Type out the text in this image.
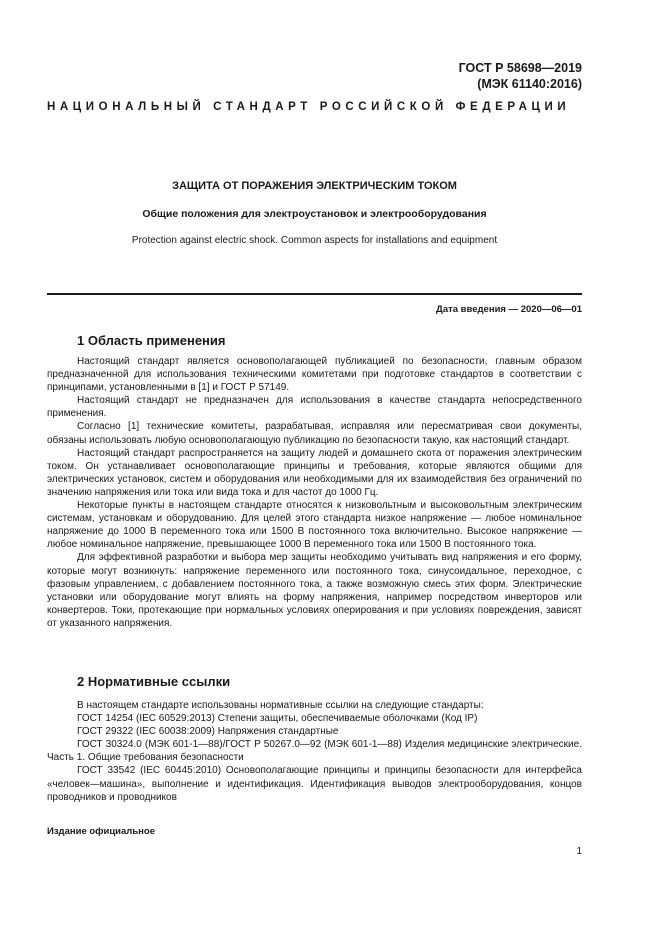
ГОСТ Р 58698—2019
(МЭК 61140:2016)
НАЦИОНАЛЬНЫЙ СТАНДАРТ РОССИЙСКОЙ ФЕДЕРАЦИИ
ЗАЩИТА ОТ ПОРАЖЕНИЯ ЭЛЕКТРИЧЕСКИМ ТОКОМ
Общие положения для электроустановок и электрооборудования
Protection against electric shock. Common aspects for installations and equipment
Дата введения — 2020—06—01
1 Область применения

Настоящий стандарт является основополагающей публикацией по безопасности, главным образом предназначенной для использования техническими комитетами при подготовке стандартов в соответствии с принципами, установленными в [1] и ГОСТ Р 57149.

Настоящий стандарт не предназначен для использования в качестве стандарта непосредственного применения.

Согласно [1] технические комитеты, разрабатывая, исправляя или пересматривая свои документы, обязаны использовать любую основополагающую публикацию по безопасности такую, как настоящий стандарт.

Настоящий стандарт распространяется на защиту людей и домашнего скота от поражения электрическим током. Он устанавливает основополагающие принципы и требования, которые являются общими для электрических установок, систем и оборудования или необходимыми для их взаимодействия без ограничений по значению напряжения или тока или вида тока и для частот до 1000 Гц.

Некоторые пункты в настоящем стандарте относятся к низковольтным и высоковольтным электрическим системам, установкам и оборудованию. Для целей этого стандарта низкое напряжение — любое номинальное напряжение до 1000 В переменного тока или 1500 В постоянного тока включительно. Высокое напряжение — любое номинальное напряжение, превышающее 1000 В переменного тока или 1500 В постоянного тока.

Для эффективной разработки и выбора мер защиты необходимо учитывать вид напряжения и его форму, которые могут возникнуть: напряжение переменного или постоянного тока, синусоидальное, переходное, с фазовым управлением, с добавлением постоянного тока, а также возможную смесь этих форм. Электрические установки или оборудование могут влиять на форму напряжения, например посредством инверторов или конвертеров. Токи, протекающие при нормальных условиях оперирования и при условиях повреждения, зависят от указанного напряжения.

2 Нормативные ссылки

В настоящем стандарте использованы нормативные ссылки на следующие стандарты:

ГОСТ 14254 (IEC 60529:2013) Степени защиты, обеспечиваемые оболочками (Код IP)

ГОСТ 29322 (IEC 60038:2009) Напряжения стандартные

ГОСТ 30324.0 (МЭК 601-1—88)/ГОСТ Р 50267.0—92 (МЭК 601-1—88) Изделия медицинские электрические. Часть 1. Общие требования безопасности

ГОСТ 33542 (IEC 60445:2010) Основополагающие принципы и принципы безопасности для интерфейса «человек—машина», выполнение и идентификация. Идентификация выводов электрооборудования, концов проводников и проводников

Издание официальное
1
